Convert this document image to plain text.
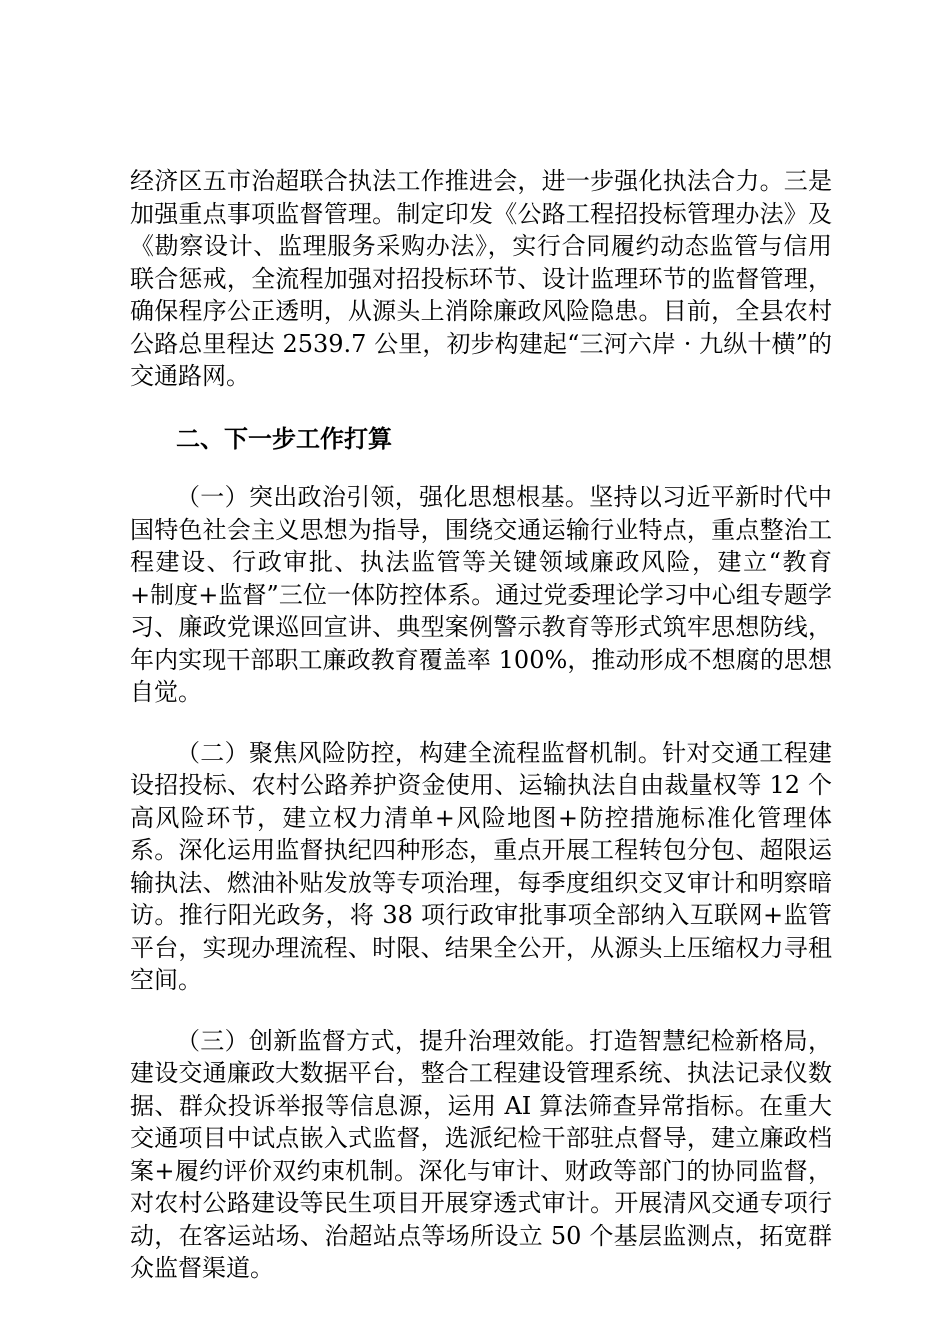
经济区五市治超联合执法工作推进会，进一步强化执法合力。三是加强重点事项监督管理。制定印发《公路工程招投标管理办法》及《勘察设计、监理服务采购办法》，实行合同履约动态监管与信用联合惩戒，全流程加强对招投标环节、设计监理环节的监督管理，确保程序公正透明，从源头上消除廉政风险隐患。目前，全县农村公路总里程达 2539.7 公里，初步构建起“三河六岸 · 九纵十横”的交通路网。

二、下一步工作打算

（一）突出政治引领，强化思想根基。坚持以习近平新时代中国特色社会主义思想为指导，围绕交通运输行业特点，重点整治工程建设、行政审批、执法监管等关键领域廉政风险，建立“教育+制度+监督”三位一体防控体系。通过党委理论学习中心组专题学习、廉政党课巡回宣讲、典型案例警示教育等形式筑牢思想防线，年内实现干部职工廉政教育覆盖率 100%，推动形成不想腐的思想自觉。

（二）聚焦风险防控，构建全流程监督机制。针对交通工程建设招投标、农村公路养护资金使用、运输执法自由裁量权等 12 个高风险环节，建立权力清单+风险地图+防控措施标准化管理体系。深化运用监督执纪四种形态，重点开展工程转包分包、超限运输执法、燃油补贴发放等专项治理，每季度组织交叉审计和明察暗访。推行阳光政务，将 38 项行政审批事项全部纳入互联网+监管平台，实现办理流程、时限、结果全公开，从源头上压缩权力寻租空间。

（三）创新监督方式，提升治理效能。打造智慧纪检新格局，建设交通廉政大数据平台，整合工程建设管理系统、执法记录仪数据、群众投诉举报等信息源，运用 AI 算法筛查异常指标。在重大交通项目中试点嵌入式监督，选派纪检干部驻点督导，建立廉政档案+履约评价双约束机制。深化与审计、财政等部门的协同监督，对农村公路建设等民生项目开展穿透式审计。开展清风交通专项行动，在客运站场、治超站点等场所设立 50 个基层监测点，拓宽群众监督渠道。
